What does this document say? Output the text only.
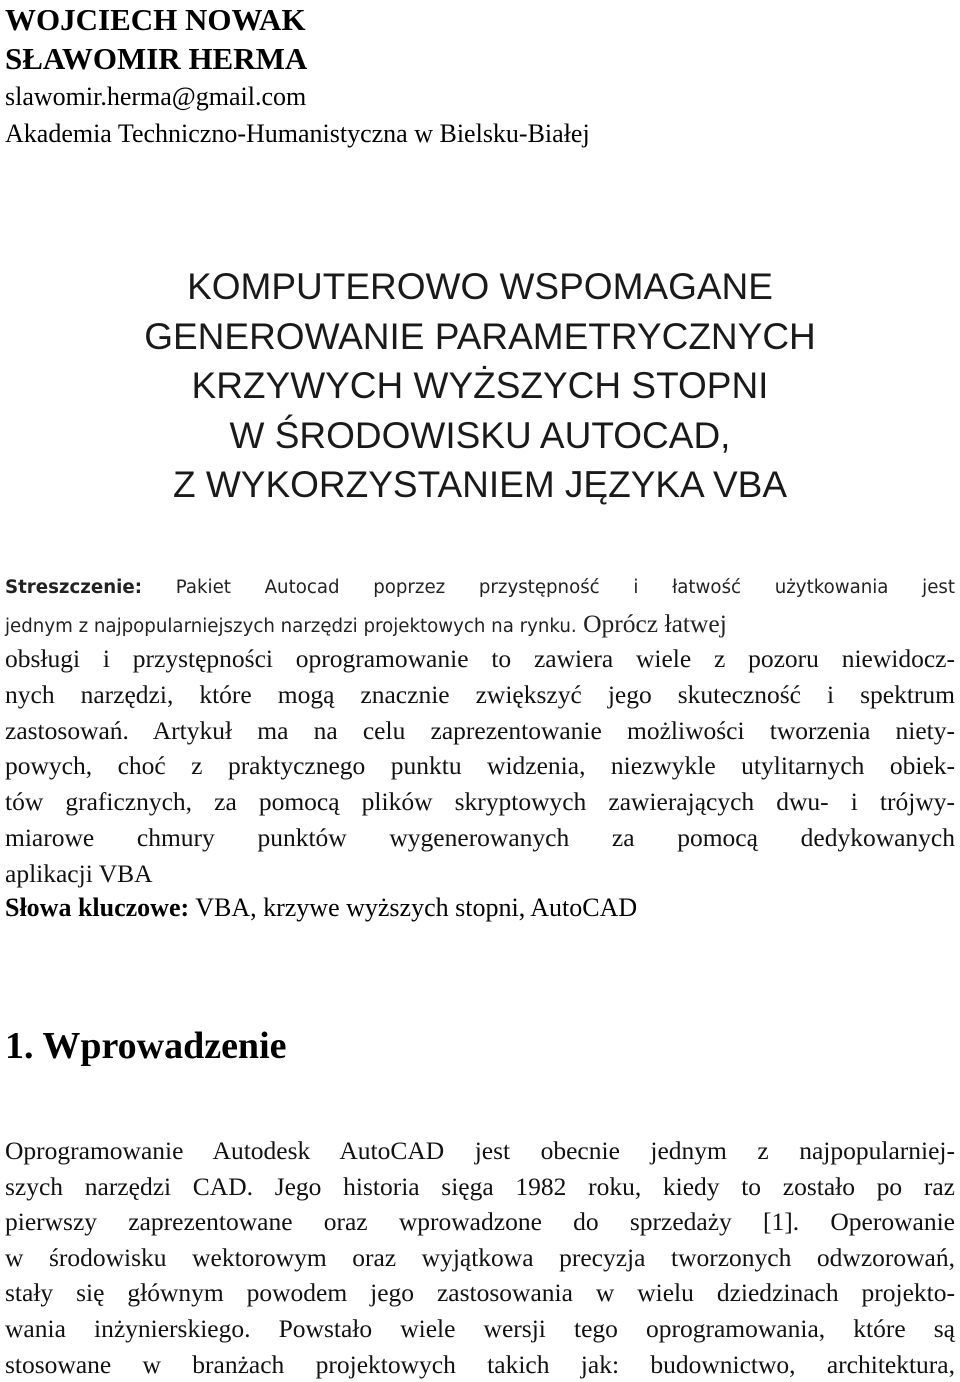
WOJCIECH NOWAK
SŁAWOMIR HERMA
slawomir.herma@gmail.com
Akademia Techniczno-Humanistyczna w Bielsku-Białej
KOMPUTEROWO WSPOMAGANE
GENEROWANIE PARAMETRYCZNYCH
KRZYWYCH WYŻSZYCH STOPNI
W ŚRODOWISKU AUTOCAD,
Z WYKORZYSTANIEM JĘZYKA VBA
Streszczenie: Pakiet Autocad poprzez przystępność i łatwość użytkowania jest
jednym z najpopularniejszych narzędzi projektowych na rynku. Oprócz łatwej
obsługi i przystępności oprogramowanie to zawiera wiele z pozoru niewidocz-
nych narzędzi, które mogą znacznie zwiększyć jego skuteczność i spektrum
zastosowań. Artykuł ma na celu zaprezentowanie możliwości tworzenia niety-
powych, choć z praktycznego punktu widzenia, niezwykle utylitarnych obiek-
tów graficznych, za pomocą plików skryptowych zawierających dwu- i trójwy-
miarowe chmury punktów wygenerowanych za pomocą dedykowanych
aplikacji VBA
Słowa kluczowe: VBA, krzywe wyższych stopni, AutoCAD
1. Wprowadzenie
Oprogramowanie Autodesk AutoCAD jest obecnie jednym z najpopularniej-
szych narzędzi CAD. Jego historia sięga 1982 roku, kiedy to zostało po raz
pierwszy zaprezentowane oraz wprowadzone do sprzedaży [1]. Operowanie
w środowisku wektorowym oraz wyjątkowa precyzja tworzonych odwzorowań,
stały się głównym powodem jego zastosowania w wielu dziedzinach projekto-
wania inżynierskiego. Powstało wiele wersji tego oprogramowania, które są
stosowane w branżach projektowych takich jak: budownictwo, architektura,
